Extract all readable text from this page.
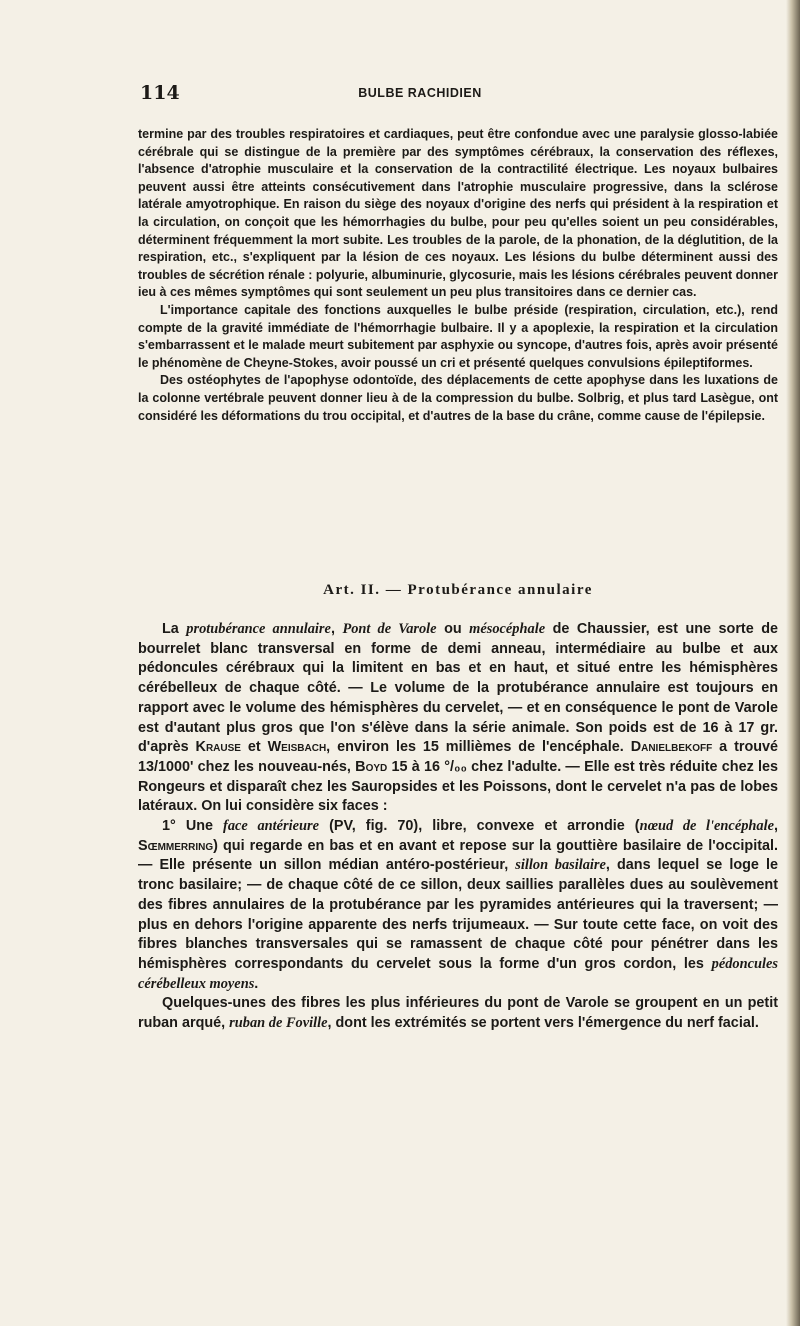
114	BULBE RACHIDIEN

termine par des troubles respiratoires et cardiaques, peut être confondue avec une paralysie glosso-labiée cérébrale qui se distingue de la première par des symptômes cérébraux, la conservation des réflexes, l'absence d'atrophie musculaire et la conservation de la contractilité électrique. Les noyaux bulbaires peuvent aussi être atteints consécutivement dans l'atrophie musculaire progressive, dans la sclérose latérale amyotrophique. En raison du siège des noyaux d'origine des nerfs qui président à la respiration et la circulation, on conçoit que les hémorrhagies du bulbe, pour peu qu'elles soient un peu considérables, déterminent fréquemment la mort subite. Les troubles de la parole, de la phonation, de la déglutition, de la respiration, etc., s'expliquent par la lésion de ces noyaux. Les lésions du bulbe déterminent aussi des troubles de sécrétion rénale : polyurie, albuminurie, glycosurie, mais les lésions cérébrales peuvent donner ieu à ces mêmes symptômes qui sont seulement un peu plus transitoires dans ce dernier cas.

L'importance capitale des fonctions auxquelles le bulbe préside (respiration, circulation, etc.), rend compte de la gravité immédiate de l'hémorrhagie bulbaire. Il y a apoplexie, la respiration et la circulation s'embarrassent et le malade meurt subitement par asphyxie ou syncope, d'autres fois, après avoir présenté le phénomène de Cheyne-Stokes, avoir poussé un cri et présenté quelques convulsions épileptiformes.

Des ostéophytes de l'apophyse odontoïde, des déplacements de cette apophyse dans les luxations de la colonne vertébrale peuvent donner lieu à de la compression du bulbe. Solbrig, et plus tard Lasègue, ont considéré les déformations du trou occipital, et d'autres de la base du crâne, comme cause de l'épilepsie.

Art. II. — Protubérance annulaire

La protubérance annulaire, Pont de Varole ou mésocéphale de Chaussier, est une sorte de bourrelet blanc transversal en forme de demi anneau, intermédiaire au bulbe et aux pédoncules cérébraux qui la limitent en bas et en haut, et situé entre les hémisphères cérébelleux de chaque côté. — Le volume de la protubérance annulaire est toujours en rapport avec le volume des hémisphères du cervelet, — et en conséquence le pont de Varole est d'autant plus gros que l'on s'élève dans la série animale. Son poids est de 16 à 17 gr. d'après Krause et Weisbach, environ les 15 millièmes de l'encéphale. Danielbekoff a trouvé 13/1000' chez les nouveau-nés, Boyd 15 à 16 °/₀₀ chez l'adulte. — Elle est très réduite chez les Rongeurs et disparaît chez les Sauropsides et les Poissons, dont le cervelet n'a pas de lobes latéraux. On lui considère six faces :

1° Une face antérieure (PV, fig. 70), libre, convexe et arrondie (nœud de l'encéphale, Sœmmerring) qui regarde en bas et en avant et repose sur la gouttière basilaire de l'occipital. — Elle présente un sillon médian antéro-postérieur, sillon basilaire, dans lequel se loge le tronc basilaire; — de chaque côté de ce sillon, deux saillies parallèles dues au soulèvement des fibres annulaires de la protubérance par les pyramides antérieures qui la traversent; — plus en dehors l'origine apparente des nerfs trijumeaux. — Sur toute cette face, on voit des fibres blanches transversales qui se ramassent de chaque côté pour pénétrer dans les hémisphères correspondants du cervelet sous la forme d'un gros cordon, les pédoncules cérébelleux moyens.

Quelques-unes des fibres les plus inférieures du pont de Varole se groupent en un petit ruban arqué, ruban de Foville, dont les extrémités se portent vers l'émergence du nerf facial.
